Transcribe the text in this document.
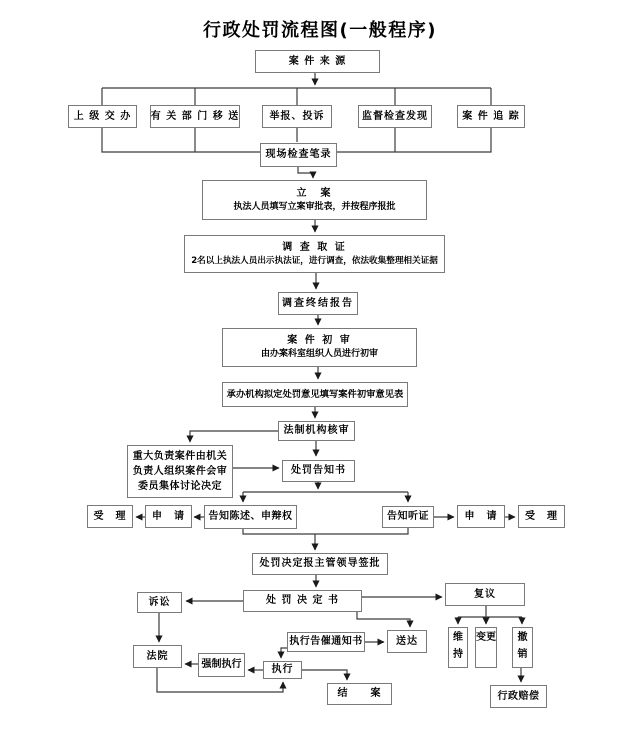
行政处罚流程图(一般程序)
案 件 来 源
上 级 交 办	有 关 部 门 移 送	举报、投诉	监督检查发现	案 件 追 踪
现场检查笔录
立　案
执法人员填写立案审批表，并按程序报批
调 查 取 证
2名以上执法人员出示执法证，进行调查，依法收集整理相关证据
调查终结报告
案 件 初 审
由办案科室组织人员进行初审
承办机构拟定处罚意见填写案件初审意见表
法制机构核审
重大负责案件由机关负责人组织案件会审委员集体讨论决定
处罚告知书
受　理	申　请	告知陈述、申辩权	告知听证	申　请	受　理
处罚决定报主管领导签批
处 罚 决 定 书
诉讼
复议
执行告催通知书	送达
法院
强制执行	执行
结　　案
维持
变更	撤销
行政赔偿
